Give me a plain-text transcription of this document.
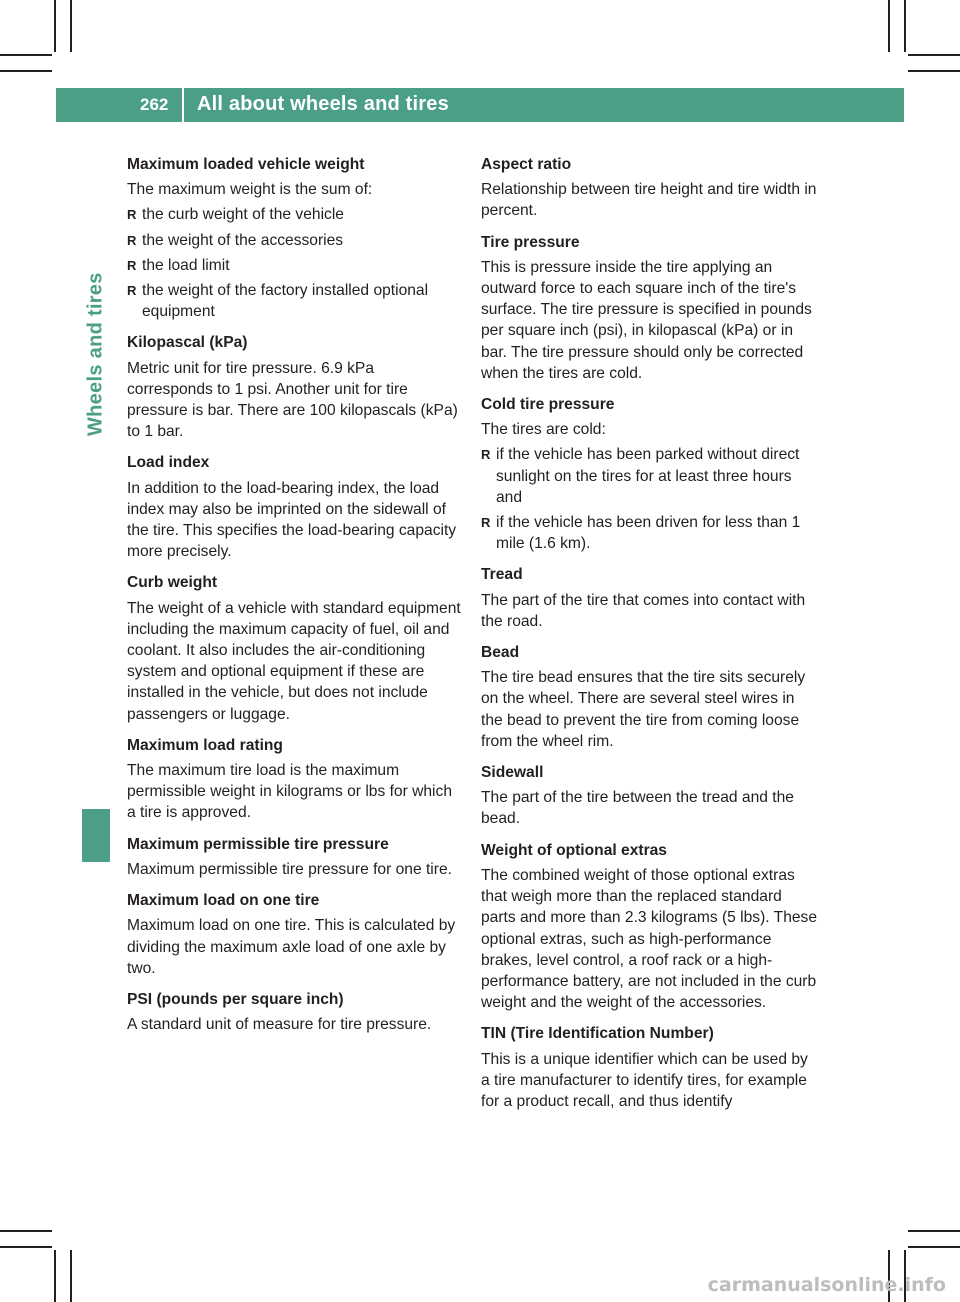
262 All about wheels and tires
Wheels and tires
Maximum loaded vehicle weight
The maximum weight is the sum of:
R the curb weight of the vehicle
R the weight of the accessories
R the load limit
R the weight of the factory installed optional equipment
Kilopascal (kPa)
Metric unit for tire pressure. 6.9 kPa corresponds to 1 psi. Another unit for tire pressure is bar. There are 100 kilopascals (kPa) to 1 bar.
Load index
In addition to the load-bearing index, the load index may also be imprinted on the sidewall of the tire. This specifies the load-bearing capacity more precisely.
Curb weight
The weight of a vehicle with standard equipment including the maximum capacity of fuel, oil and coolant. It also includes the air-conditioning system and optional equipment if these are installed in the vehicle, but does not include passengers or luggage.
Maximum load rating
The maximum tire load is the maximum permissible weight in kilograms or lbs for which a tire is approved.
Maximum permissible tire pressure
Maximum permissible tire pressure for one tire.
Maximum load on one tire
Maximum load on one tire. This is calculated by dividing the maximum axle load of one axle by two.
PSI (pounds per square inch)
A standard unit of measure for tire pressure.
Aspect ratio
Relationship between tire height and tire width in percent.
Tire pressure
This is pressure inside the tire applying an outward force to each square inch of the tire's surface. The tire pressure is specified in pounds per square inch (psi), in kilopascal (kPa) or in bar. The tire pressure should only be corrected when the tires are cold.
Cold tire pressure
The tires are cold:
R if the vehicle has been parked without direct sunlight on the tires for at least three hours and
R if the vehicle has been driven for less than 1 mile (1.6 km).
Tread
The part of the tire that comes into contact with the road.
Bead
The tire bead ensures that the tire sits securely on the wheel. There are several steel wires in the bead to prevent the tire from coming loose from the wheel rim.
Sidewall
The part of the tire between the tread and the bead.
Weight of optional extras
The combined weight of those optional extras that weigh more than the replaced standard parts and more than 2.3 kilograms (5 lbs). These optional extras, such as high-performance brakes, level control, a roof rack or a high-performance battery, are not included in the curb weight and the weight of the accessories.
TIN (Tire Identification Number)
This is a unique identifier which can be used by a tire manufacturer to identify tires, for example for a product recall, and thus identify
carmanualsonline.info
